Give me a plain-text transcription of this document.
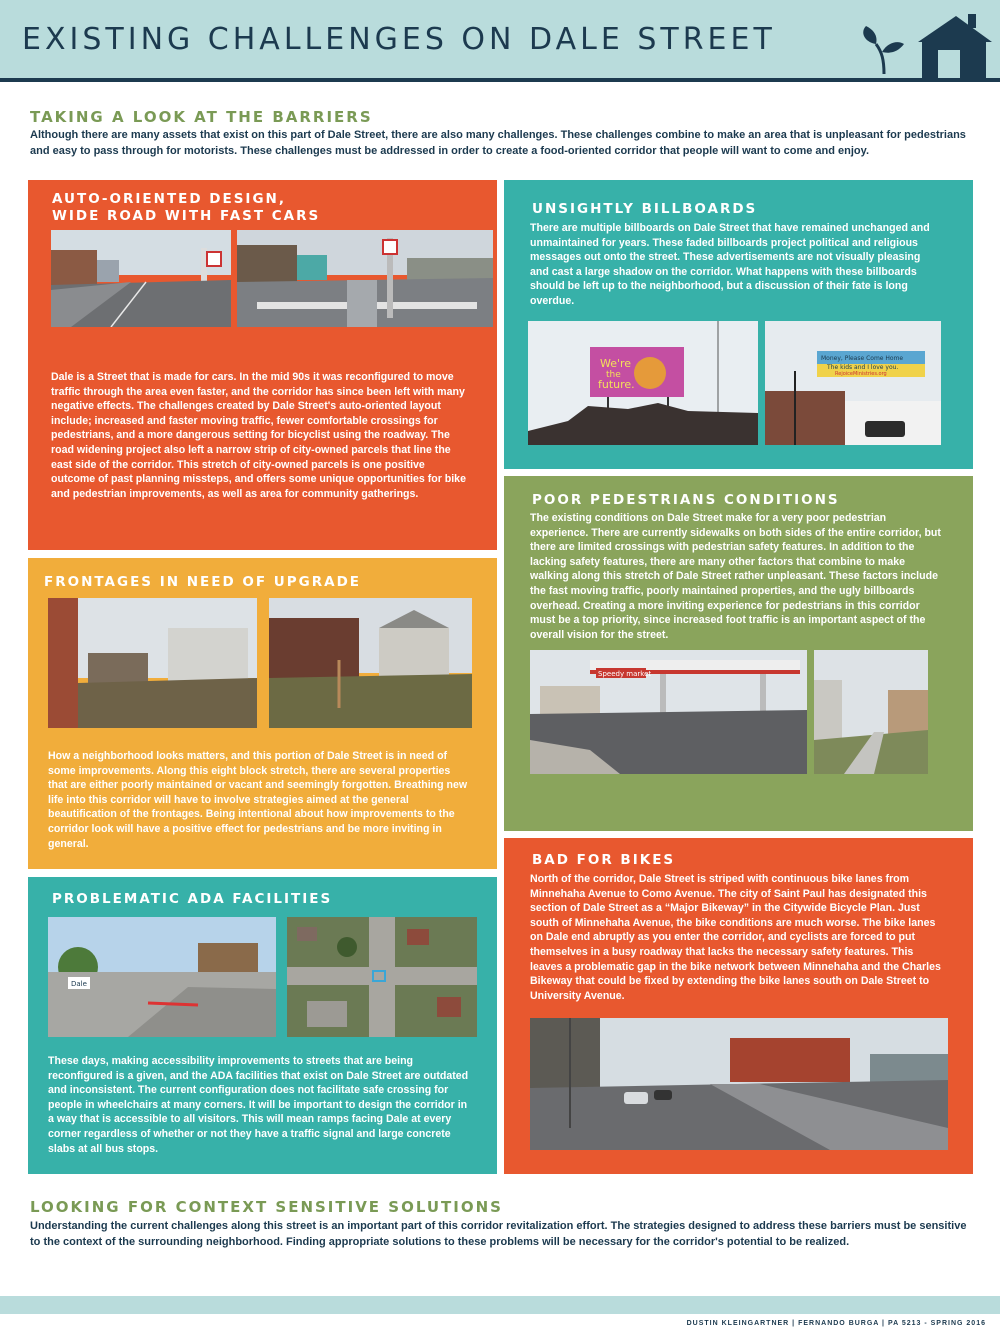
EXISTING CHALLENGES ON DALE STREET
TAKING A LOOK AT THE BARRIERS

Although there are many assets that exist on this part of Dale Street, there are also many challenges. These challenges combine to make an area that is unpleasant for pedestrians and easy to pass through for motorists. These challenges must be addressed in order to create a food-oriented corridor that people will want to come and enjoy.

AUTO-ORIENTED DESIGN,
WIDE ROAD WITH FAST CARS

Dale is a Street that is made for cars. In the mid 90s it was reconfigured to move traffic through the area even faster, and the corridor has since been left with many negative effects. The challenges created by Dale Street's auto-oriented layout include; increased and faster moving traffic, fewer comfortable crossings for pedestrians, and a more dangerous setting for bicyclist using the roadway. The road widening project also left a narrow strip of city-owned parcels that line the east side of the corridor. This stretch of city-owned parcels is one positive outcome of past planning missteps, and offers some unique opportunities for bike and pedestrian improvements, as well as area for community gatherings.

UNSIGHTLY BILLBOARDS

There are multiple billboards on Dale Street that have remained unchanged and unmaintained for years. These faded billboards project political and religious messages out onto the street. These advertisements are not visually pleasing and cast a large shadow on the corridor. What happens with these billboards should be left up to the neighborhood, but a discussion of their fate is long overdue.

We're
the
future.
Money, Please Come Home
The kids and I love you.
RejoiceMinistries.org
FRONTAGES IN NEED OF UPGRADE

How a neighborhood looks matters, and this portion of Dale Street is in need of some improvements. Along this eight block stretch, there are several properties that are either poorly maintained or vacant and seemingly forgotten. Breathing new life into this corridor will have to involve strategies aimed at the general beautification of the frontages. Being intentional about how improvements to the corridor look will have a positive effect for pedestrians and be more inviting in general.

POOR PEDESTRIANS CONDITIONS

The existing conditions on Dale Street make for a very poor pedestrian experience. There are currently sidewalks on both sides of the entire corridor, but there are limited crossings with pedestrian safety features. In addition to the lacking safety features, there are many other factors that combine to make walking along this stretch of Dale Street rather unpleasant. These factors include the fast moving traffic, poorly maintained properties, and the ugly billboards overhead. Creating a more inviting experience for pedestrians in this corridor must be a top priority, since increased foot traffic is an important aspect of the overall vision for the street.

Speedy market
PROBLEMATIC ADA FACILITIES
Dale

These days, making accessibility improvements to streets that are being reconfigured is a given, and the ADA facilities that exist on Dale Street are outdated and inconsistent. The current configuration does not facilitate safe crossing for people in wheelchairs at many corners. It will be important to design the corridor in a way that is accessible to all visitors. This will mean ramps facing Dale at every corner regardless of whether or not they have a traffic signal and large concrete slabs at all bus stops.

BAD FOR BIKES

North of the corridor, Dale Street is striped with continuous bike lanes from Minnehaha Avenue to Como Avenue. The city of Saint Paul has designated this section of Dale Street as a “Major Bikeway” in the Citywide Bicycle Plan. Just south of Minnehaha Avenue, the bike conditions are much worse. The bike lanes on Dale end abruptly as you enter the corridor, and cyclists are forced to put themselves in a busy roadway that lacks the necessary safety features. This leaves a problematic gap in the bike network between Minnehaha and the Charles Bikeway that could be fixed by extending the bike lanes south on Dale Street to University Avenue.

LOOKING FOR CONTEXT SENSITIVE SOLUTIONS

Understanding the current challenges along this street is an important part of this corridor revitalization effort. The strategies designed to address these barriers must be sensitive to the context of the surrounding neighborhood. Finding appropriate solutions to these problems will be necessary for the corridor's potential to be realized.

DUSTIN KLEINGARTNER | FERNANDO BURGA | PA 5213 - SPRING 2016
